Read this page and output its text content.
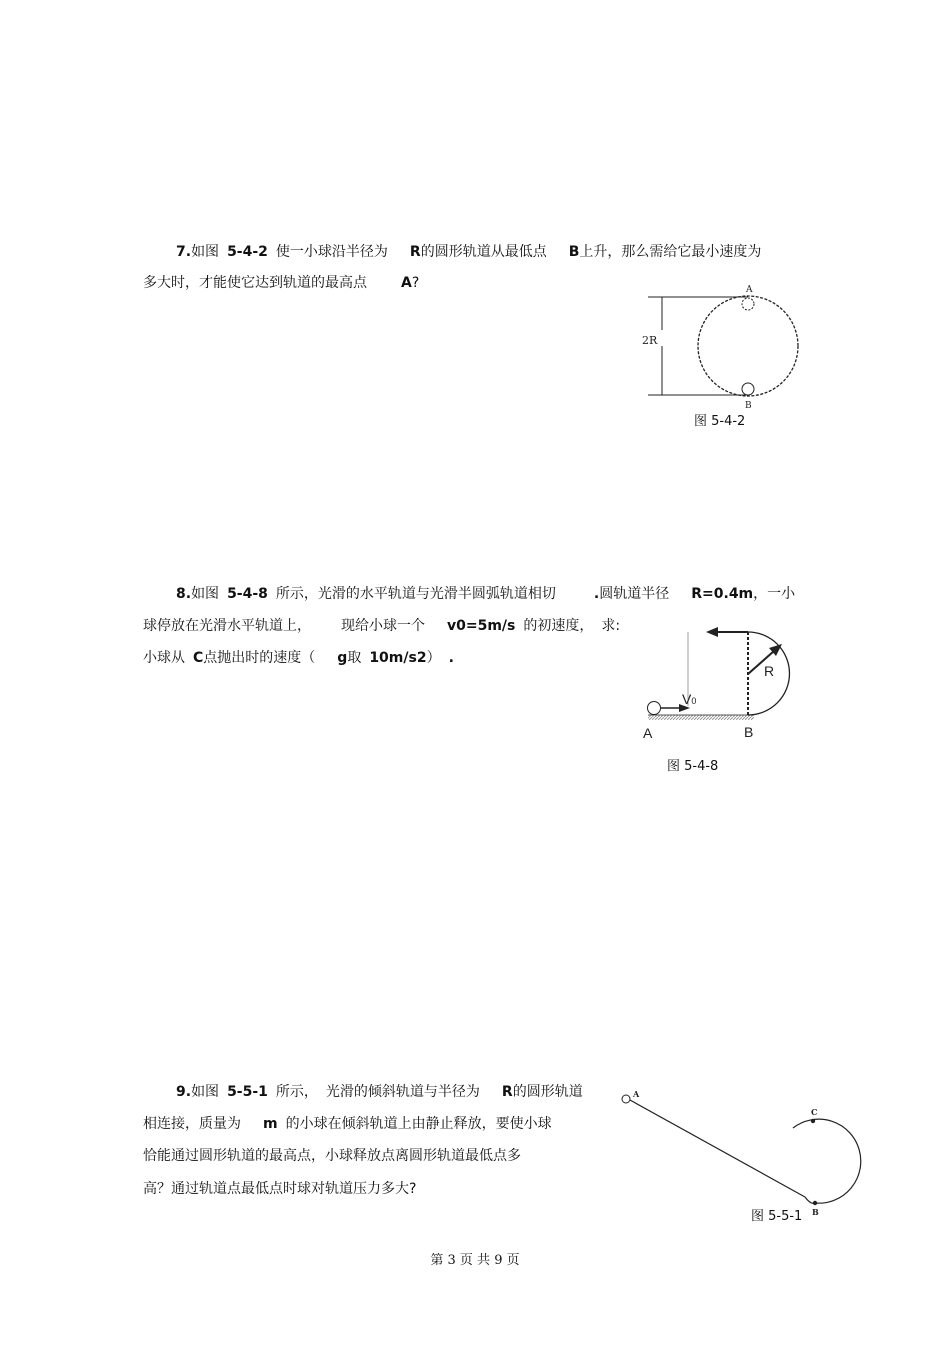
7.如图 5-4-2 使一小球沿半径为 R的圆形轨道从最低点 B上升，那么需给它最小速度为
多大时，才能使它达到轨道的最高点 A?
2R
A
B
图 5-4-2
8.如图 5-4-8 所示，光滑的水平轨道与光滑半圆弧轨道相切	.圆轨道半径 R=0.4m，一小
球停放在光滑水平轨道上， 现给小球一个 v0=5m/s 的初速度， 求:
小球从 C点抛出时的速度（ g取 10m/s2） .
R
V0
A	B
图 5-4-8
9.如图 5-5-1 所示， 光滑的倾斜轨道与半径为 R的圆形轨道
相连接，质量为 m 的小球在倾斜轨道上由静止释放，要使小球
恰能通过圆形轨道的最高点，小球释放点离圆形轨道最低点多
高？通过轨道点最低点时球对轨道压力多大?
A
B
C
图 5-5-1
第 3 页 共 9 页
